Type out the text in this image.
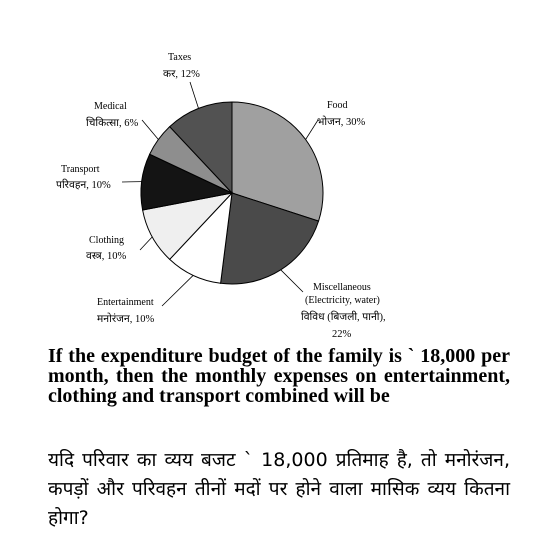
Food
भोजन, 30%
Miscellaneous
(Electricity, water)
विविध (बिजली, पानी),
22%
Entertainment
मनोरंजन, 10%
Clothing
वस्त्र, 10%
Transport
परिवहन, 10%
Medical
चिकित्सा, 6%
Taxes
कर, 12%

If the expenditure budget of the family is ` 18,000 per month, then the monthly expenses on entertainment, clothing and transport combined will be

यदि परिवार का व्यय बजट ` 18,000 प्रतिमाह है, तो मनोरंजन, कपड़ों और परिवहन तीनों मदों पर होने वाला मासिक व्यय कितना होगा?
